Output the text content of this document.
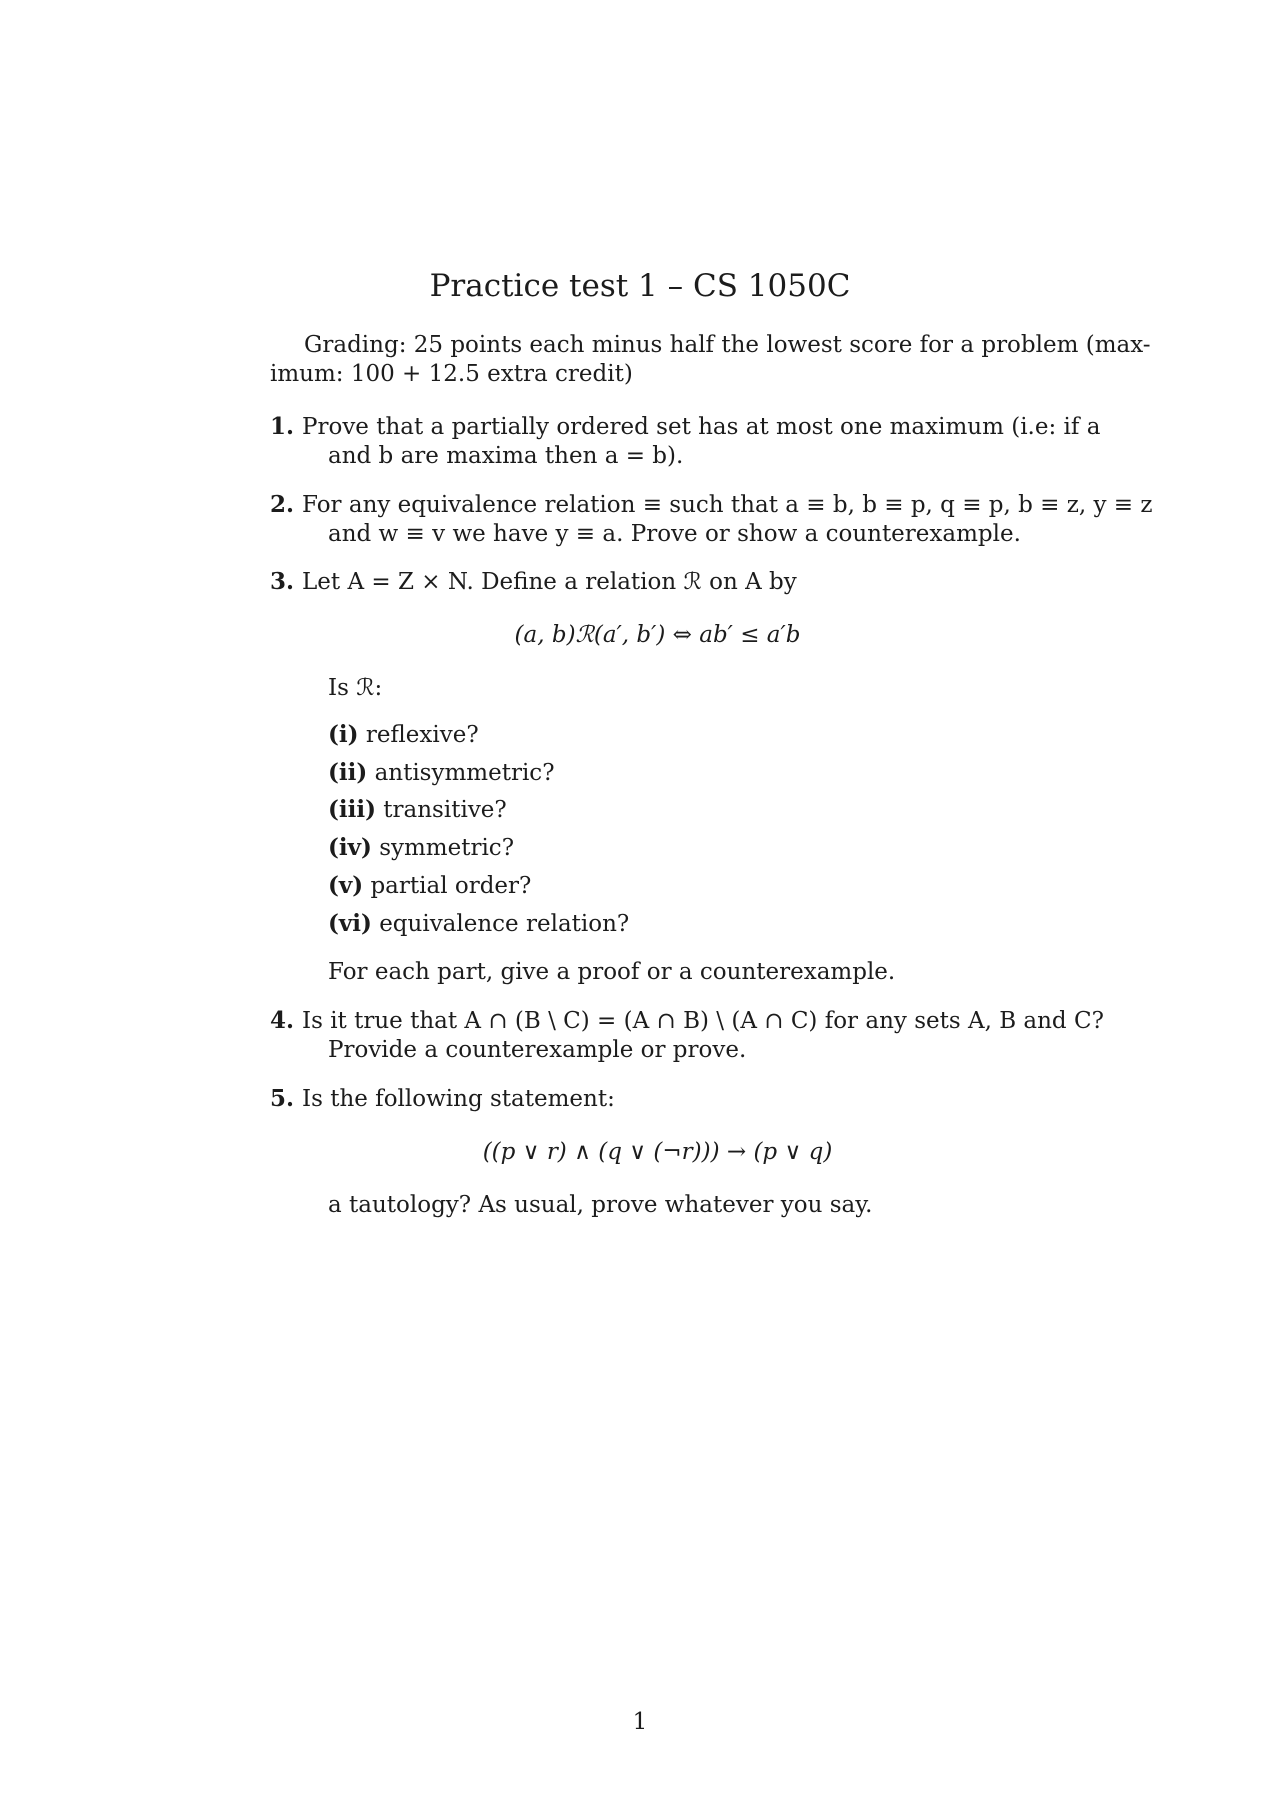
Practice test 1 – CS 1050C
Grading: 25 points each minus half the lowest score for a problem (max-
imum: 100 + 12.5 extra credit)
1. Prove that a partially ordered set has at most one maximum (i.e: if a
and b are maxima then a = b).
2. For any equivalence relation ≡ such that a ≡ b, b ≡ p, q ≡ p, b ≡ z, y ≡ z
and w ≡ v we have y ≡ a. Prove or show a counterexample.
3. Let A = Z × N. Define a relation ℛ on A by
(a, b)ℛ(a′, b′) ⇔ ab′ ≤ a′b
Is ℛ:
(i) reflexive?
(ii) antisymmetric?
(iii) transitive?
(iv) symmetric?
(v) partial order?
(vi) equivalence relation?
For each part, give a proof or a counterexample.
4. Is it true that A ∩ (B \ C) = (A ∩ B) \ (A ∩ C) for any sets A, B and C?
Provide a counterexample or prove.
5. Is the following statement:
((p ∨ r) ∧ (q ∨ (¬r))) → (p ∨ q)
a tautology? As usual, prove whatever you say.
1
